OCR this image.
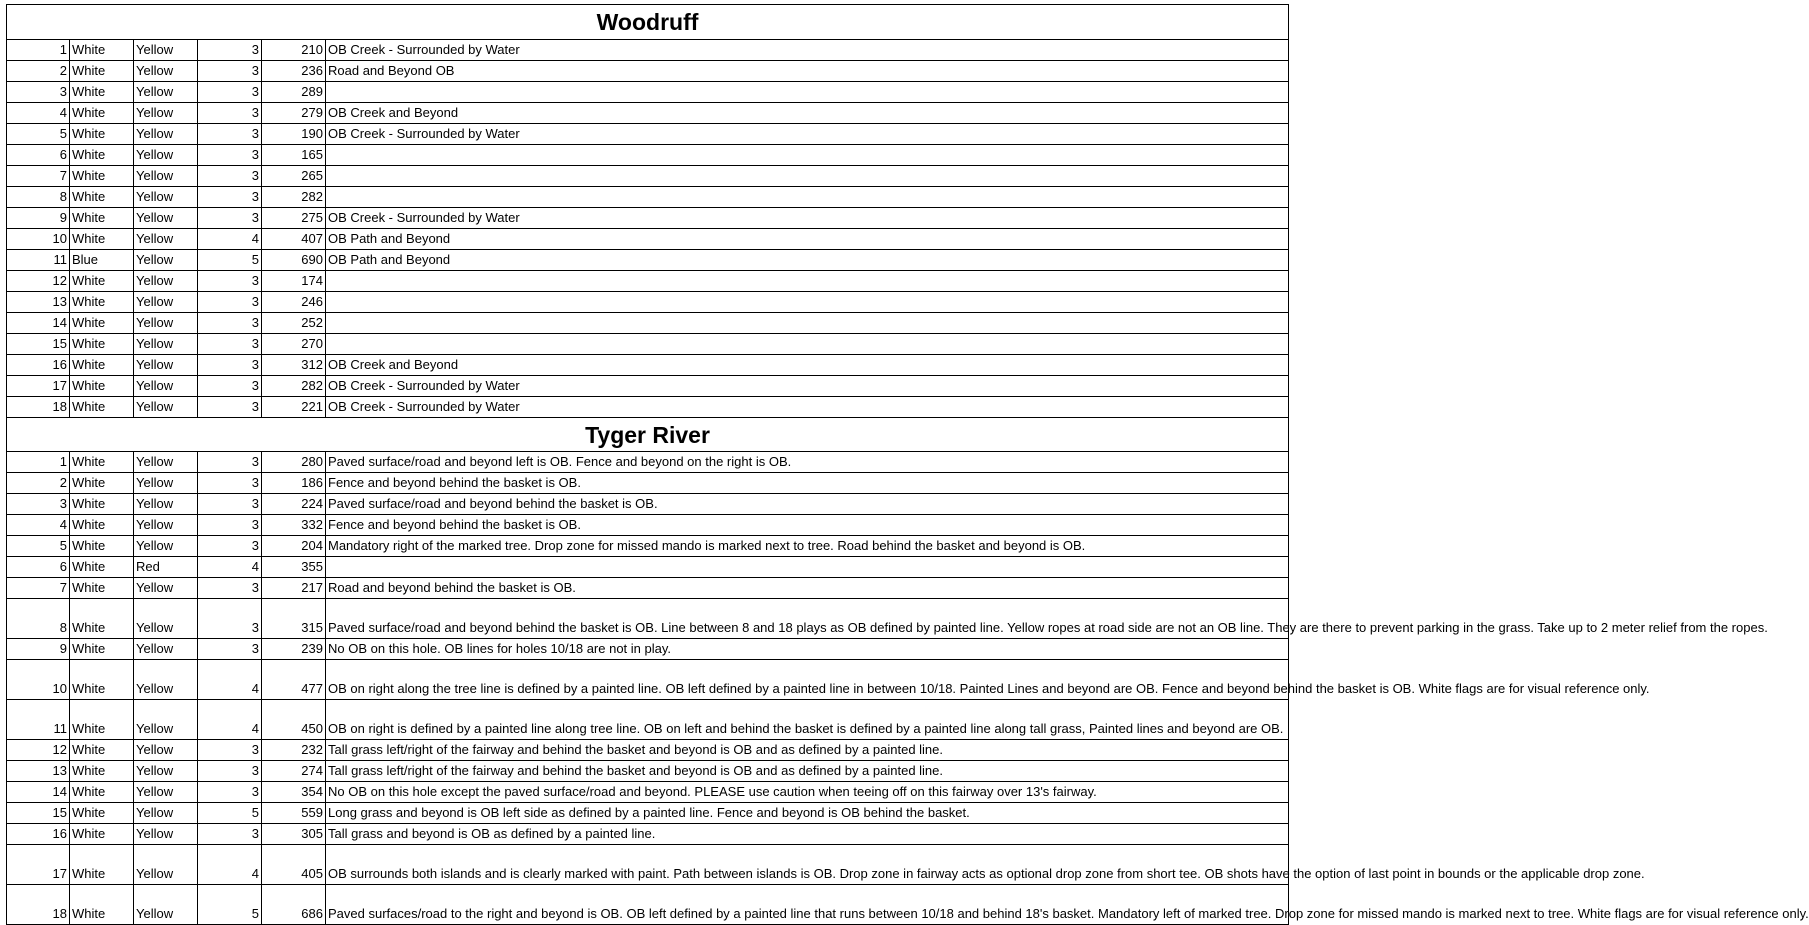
Woodruff					
1	White	Yellow	3	210	OB Creek - Surrounded by Water
2	White	Yellow	3	236	Road and Beyond OB
3	White	Yellow	3	289	
4	White	Yellow	3	279	OB Creek and Beyond
5	White	Yellow	3	190	OB Creek - Surrounded by Water
6	White	Yellow	3	165	
7	White	Yellow	3	265	
8	White	Yellow	3	282	
9	White	Yellow	3	275	OB Creek - Surrounded by Water
10	White	Yellow	4	407	OB Path and Beyond
11	Blue	Yellow	5	690	OB Path and Beyond
12	White	Yellow	3	174	
13	White	Yellow	3	246	
14	White	Yellow	3	252	
15	White	Yellow	3	270	
16	White	Yellow	3	312	OB Creek and Beyond
17	White	Yellow	3	282	OB Creek - Surrounded by Water
18	White	Yellow	3	221	OB Creek - Surrounded by Water
Tyger River					
1	White	Yellow	3	280	Paved surface/road and beyond left is OB. Fence and beyond on the right is OB.
2	White	Yellow	3	186	Fence and beyond behind the basket is OB.
3	White	Yellow	3	224	Paved surface/road and beyond behind the basket is OB.
4	White	Yellow	3	332	Fence and beyond behind the basket is OB.
5	White	Yellow	3	204	Mandatory right of the marked tree. Drop zone for missed mando is marked next to tree. Road behind the basket and beyond is OB.
6	White	Red	4	355	
7	White	Yellow	3	217	Road and beyond behind the basket is OB.
8	White	Yellow	3	315	Paved surface/road and beyond behind the basket is OB. Line between 8 and 18 plays as OB defined by painted line. Yellow ropes at road side are not an OB line. They are there to prevent parking in the grass. Take up to 2 meter relief from the ropes.
9	White	Yellow	3	239	No OB on this hole. OB lines for holes 10/18 are not in play.
10	White	Yellow	4	477	OB on right along the tree line is defined by a painted line. OB left defined by a painted line in between 10/18. Painted Lines and beyond are OB. Fence and beyond behind the basket is OB. White flags are for visual reference only.
11	White	Yellow	4	450	OB on right is defined by a painted line along tree line. OB on left and behind the basket is defined by a painted line along tall grass, Painted lines and beyond are OB.
12	White	Yellow	3	232	Tall grass left/right of the fairway and behind the basket and beyond is OB and as defined by a painted line.
13	White	Yellow	3	274	Tall grass left/right of the fairway and behind the basket and beyond is OB and as defined by a painted line.
14	White	Yellow	3	354	No OB on this hole except the paved surface/road and beyond. PLEASE use caution when teeing off on this fairway over 13's fairway.
15	White	Yellow	5	559	Long grass and beyond is OB left side as defined by a painted line. Fence and beyond is OB behind the basket.
16	White	Yellow	3	305	Tall grass and beyond is OB as defined by a painted line.
17	White	Yellow	4	405	OB surrounds both islands and is clearly marked with paint. Path between islands is OB. Drop zone in fairway acts as optional drop zone from short tee. OB shots have the option of last point in bounds or the applicable drop zone.
18	White	Yellow	5	686	Paved surfaces/road to the right and beyond is OB. OB left defined by a painted line that runs between 10/18 and behind 18's basket. Mandatory left of marked tree. Drop zone for missed mando is marked next to tree. White flags are for visual reference only.
